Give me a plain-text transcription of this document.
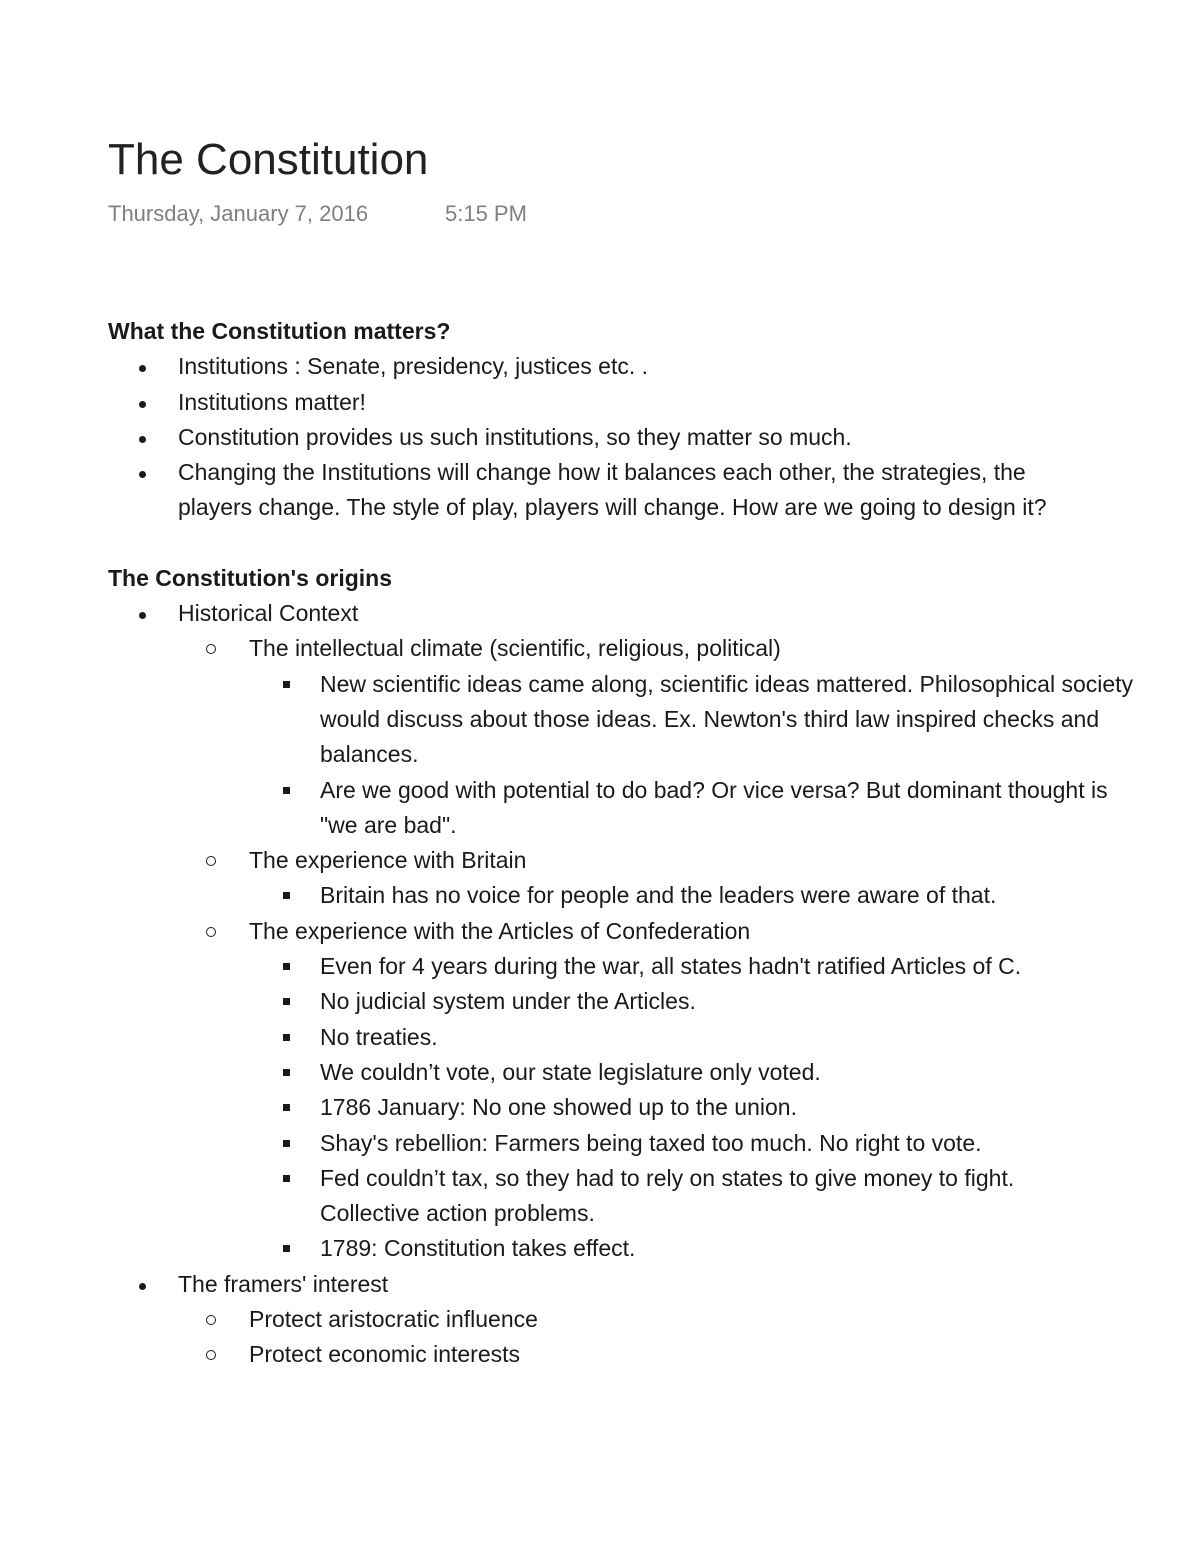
The Constitution
Thursday, January 7, 2016	5:15 PM

What the Constitution matters?

Institutions : Senate, presidency, justices etc. .
Institutions matter!
Constitution provides us such institutions, so they matter so much.
Changing the Institutions will change how it balances each other, the strategies, the players change. The style of play, players will change. How are we going to design it?

The Constitution's origins

Historical Context
The intellectual climate (scientific, religious, political)
New scientific ideas came along, scientific ideas mattered. Philosophical society would discuss about those ideas. Ex. Newton's third law inspired checks and balances.
Are we good with potential to do bad? Or vice versa? But dominant thought is "we are bad".
The experience with Britain
Britain has no voice for people and the leaders were aware of that.
The experience with the Articles of Confederation
Even for 4 years during the war, all states hadn't ratified Articles of C.
No judicial system under the Articles.
No treaties.
We couldn’t vote, our state legislature only voted.
1786 January: No one showed up to the union.
Shay's rebellion: Farmers being taxed too much. No right to vote.
Fed couldn’t tax, so they had to rely on states to give money to fight. Collective action problems.
1789: Constitution takes effect.
The framers' interest
Protect aristocratic influence
Protect economic interests
